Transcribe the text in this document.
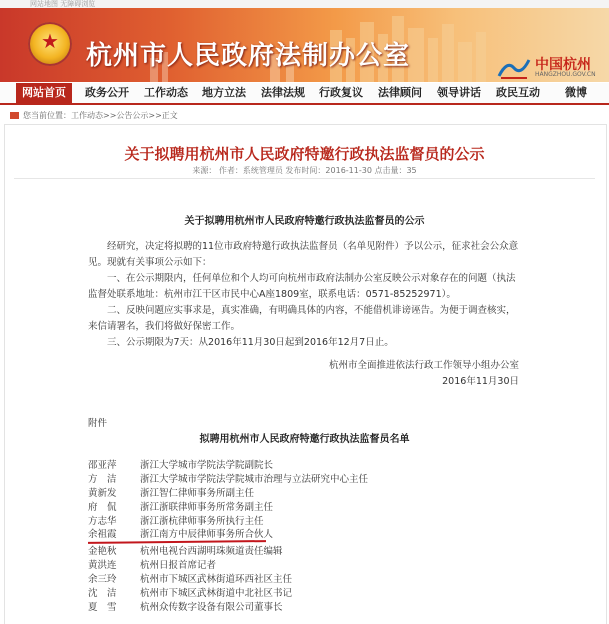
网站地图 无障碍浏览
★	杭州市人民政府法制办公室	中国杭州
HANGZHOU.GOV.CN
网站首页	政务公开	工作动态	地方立法	法律法规	行政复议	法律顾问	领导讲话	政民互动	微博
您当前位置：工作动态>>公告公示>>正文
关于拟聘用杭州市人民政府特邀行政执法监督员的公示
来源： 作者：系统管理员 发布时间：2016-11-30 点击量：35
关于拟聘用杭州市人民政府特邀行政执法监督员的公示
经研究，决定将拟聘的11位市政府特邀行政执法监督员（名单见附件）予以公示，征求社会公众意见。现就有关事项公示如下：
一、在公示期限内，任何单位和个人均可向杭州市政府法制办公室反映公示对象存在的问题（执法监督处联系地址：杭州市江干区市民中心A座1809室，联系电话：0571-85252971）。
二、反映问题应实事求是，真实准确，有明确具体的内容，不能借机诽谤诬告。为便于调查核实，来信请署名，我们将做好保密工作。
三、公示期限为7天：从2016年11月30日起到2016年12月7日止。
杭州市全面推进依法行政工作领导小组办公室
2016年11月30日
附件
拟聘用杭州市人民政府特邀行政执法监督员名单
邵亚萍 浙江大学城市学院法学院副院长
方　洁 浙江大学城市学院法学院城市治理与立法研究中心主任
黄新发 浙江智仁律师事务所副主任
府　侃 浙江浙联律师事务所常务副主任
方志华 浙江浙杭律师事务所执行主任
余祖霞 浙江南方中辰律师事务所合伙人
金艳秋 杭州电视台西湖明珠频道责任编辑
黄洪连 杭州日报首席记者
余三玲 杭州市下城区武林街道环西社区主任
沈　洁 杭州市下城区武林街道中北社区书记
夏　雪 杭州众传数字设备有限公司董事长
